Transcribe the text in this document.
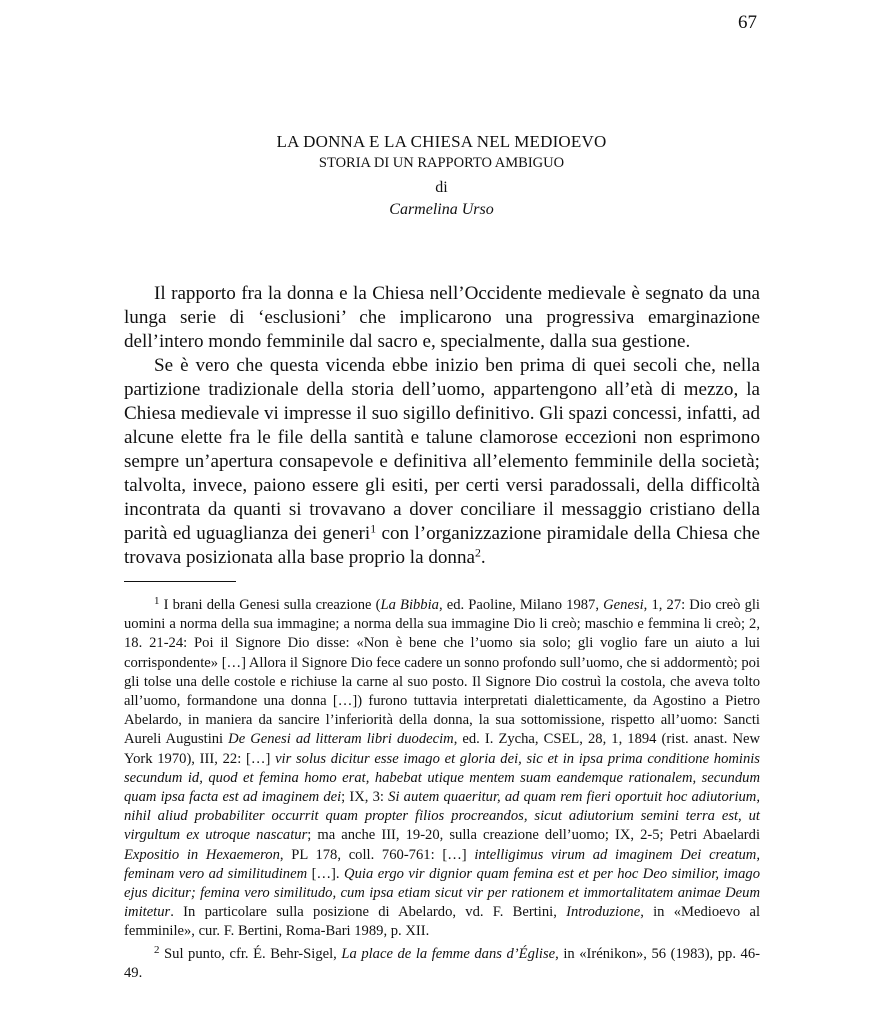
67
LA DONNA E LA CHIESA NEL MEDIOEVO
STORIA DI UN RAPPORTO AMBIGUO
di
Carmelina Urso

Il rapporto fra la donna e la Chiesa nell’Occidente medievale è segnato da una lunga serie di ‘esclusioni’ che implicarono una progressiva emarginazione dell’intero mondo femminile dal sacro e, specialmente, dalla sua gestione.

Se è vero che questa vicenda ebbe inizio ben prima di quei secoli che, nella partizione tradizionale della storia dell’uomo, appartengono all’età di mezzo, la Chiesa medievale vi impresse il suo sigillo definitivo. Gli spazi concessi, infatti, ad alcune elette fra le file della santità e talune clamorose eccezioni non esprimono sempre un’apertura consapevole e definitiva all’elemento femminile della società; talvolta, invece, paiono essere gli esiti, per certi versi paradossali, della difficoltà incontrata da quanti si trovavano a dover conciliare il messaggio cristiano della parità ed uguaglianza dei generi$^1$ con l’organizzazione piramidale della Chiesa che trovava posizionata alla base proprio la donna$^2$.

$^1$ I brani della Genesi sulla creazione (La Bibbia, ed. Paoline, Milano 1987, Genesi, 1, 27: Dio creò gli uomini a norma della sua immagine; a norma della sua immagine Dio li creò; maschio e femmina li creò; 2, 18. 21-24: Poi il Signore Dio disse: «Non è bene che l’uomo sia solo; gli voglio fare un aiuto a lui corrispondente» […] Allora il Signore Dio fece cadere un sonno profondo sull’uomo, che si addormentò; poi gli tolse una delle costole e richiuse la carne al suo posto. Il Signore Dio costruì la costola, che aveva tolto all’uomo, formandone una donna […]) furono tuttavia interpretati dialetticamente, da Agostino a Pietro Abelardo, in maniera da sancire l’inferiorità della donna, la sua sottomissione, rispetto all’uomo: Sancti Aureli Augustini De Genesi ad litteram libri duodecim, ed. I. Zycha, CSEL, 28, 1, 1894 (rist. anast. New York 1970), III, 22: […] vir solus dicitur esse imago et gloria dei, sic et in ipsa prima conditione hominis secundum id, quod et femina homo erat, habebat utique mentem suam eandemque rationalem, secundum quam ipsa facta est ad imaginem dei; IX, 3: Si autem quaeritur, ad quam rem fieri oportuit hoc adiutorium, nihil aliud probabiliter occurrit quam propter filios procreandos, sicut adiutorium semini terra est, ut virgultum ex utroque nascatur; ma anche III, 19-20, sulla creazione dell’uomo; IX, 2-5; Petri Abaelardi Expositio in Hexaemeron, PL 178, coll. 760-761: […] intelligimus virum ad imaginem Dei creatum, feminam vero ad similitudinem […]. Quia ergo vir dignior quam femina est et per hoc Deo similior, imago ejus dicitur; femina vero similitudo, cum ipsa etiam sicut vir per rationem et immortalitatem animae Deum imitetur. In particolare sulla posizione di Abelardo, vd. F. Bertini, Introduzione, in «Medioevo al femminile», cur. F. Bertini, Roma-Bari 1989, p. XII.

$^2$ Sul punto, cfr. É. Behr-Sigel, La place de la femme dans d’Église, in «Irénikon», 56 (1983), pp. 46-49.
